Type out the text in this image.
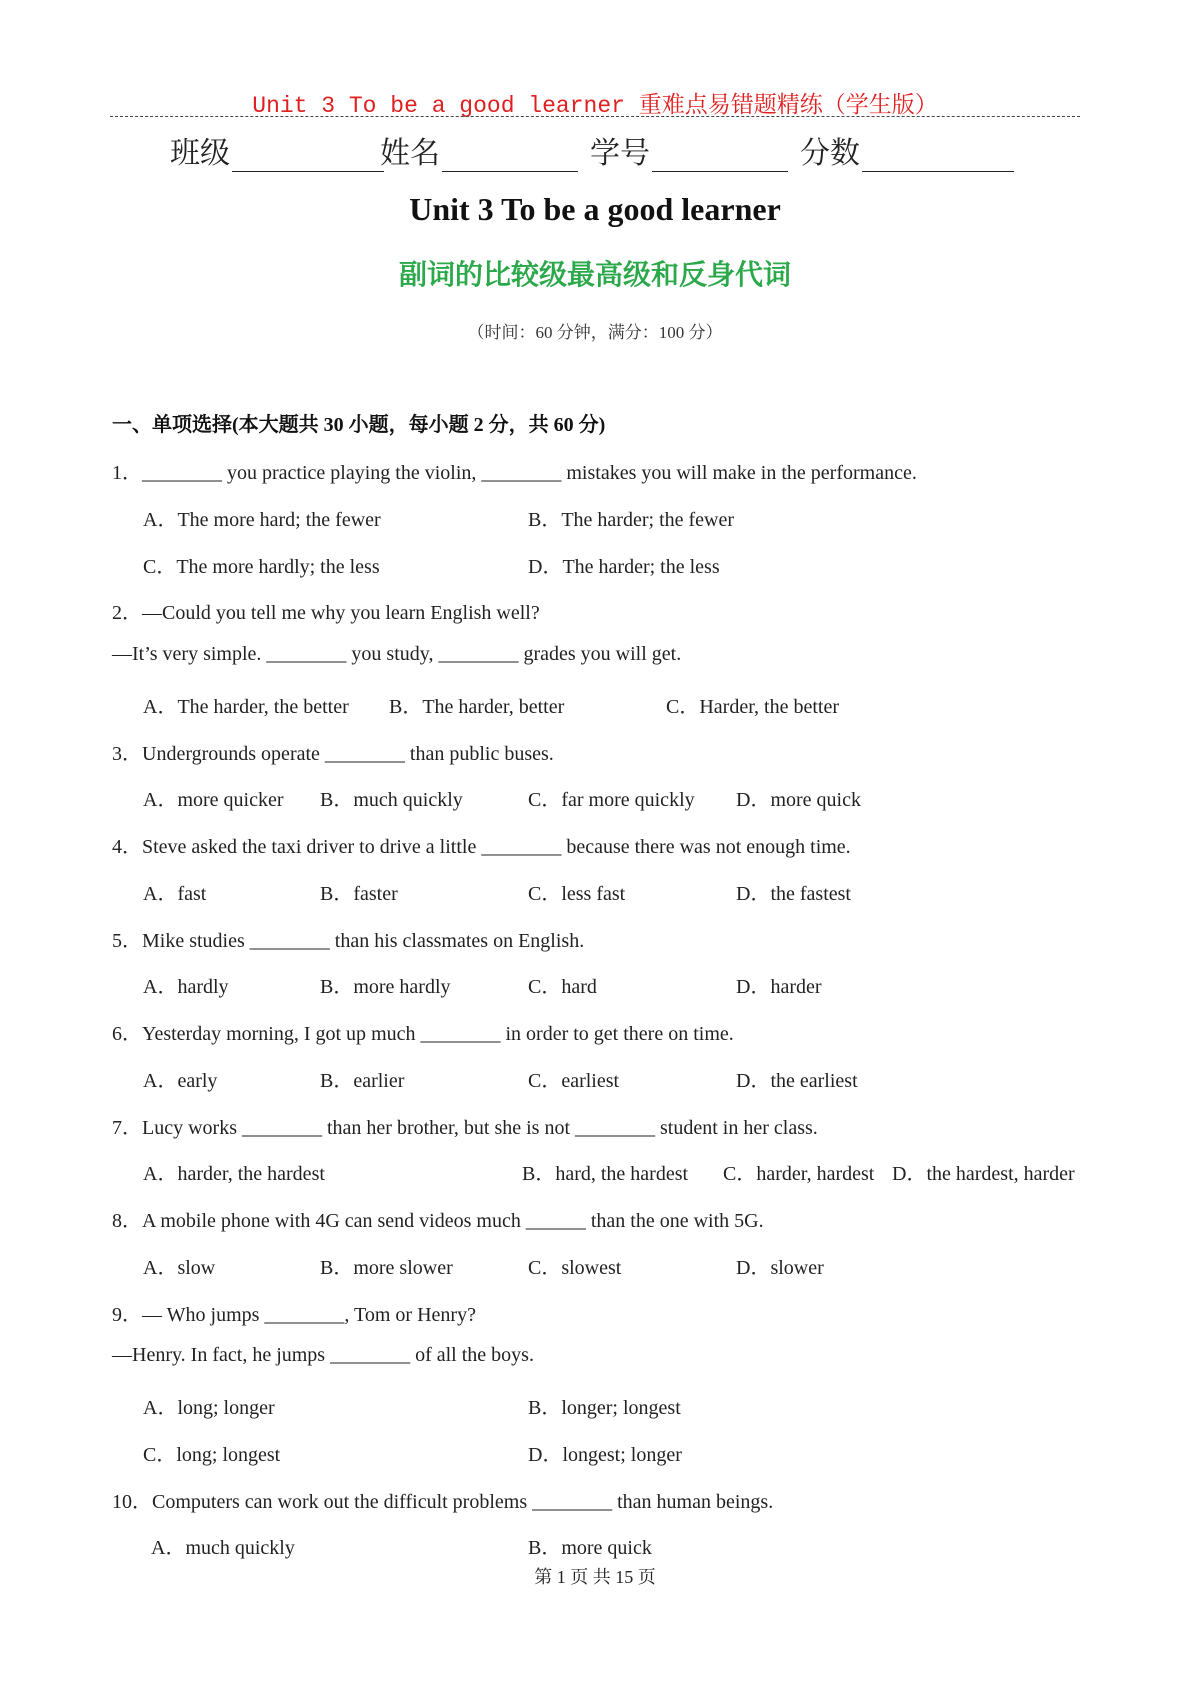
Unit 3 To be a good learner 重难点易错题精练（学生版）
班级	姓名	学号	分数
Unit 3 To be a good learner
副词的比较级最高级和反身代词
（时间：60 分钟，满分：100 分）
一、单项选择(本大题共 30 小题，每小题 2 分，共 60 分)
1．________ you practice playing the violin, ________ mistakes you will make in the performance.
A．The more hard; the fewer	B．The harder; the fewer
C．The more hardly; the less	D．The harder; the less
2．—Could you tell me why you learn English well?
—It’s very simple. ________ you study, ________ grades you will get.
A．The harder, the better B．The harder, better	C．Harder, the better
3．Undergrounds operate ________ than public buses.
A．more quicker B．much quickly	C．far more quickly D．more quick
4．Steve asked the taxi driver to drive a little ________ because there was not enough time.
A．fast	B．faster	C．less fast	D．the fastest
5．Mike studies ________ than his classmates on English.
A．hardly	B．more hardly	C．hard	D．harder
6．Yesterday morning, I got up much ________ in order to get there on time.
A．early	B．earlier	C．earliest	D．the earliest
7．Lucy works ________ than her brother, but she is not ________ student in her class.
A．harder, the hardest	B．hard, the hardest C．harder, hardest D．the hardest, harder
8．A mobile phone with 4G can send videos much ______ than the one with 5G.
A．slow	B．more slower	C．slowest	D．slower
9．— Who jumps ________, Tom or Henry?
—Henry. In fact, he jumps ________ of all the boys.
A．long; longer	B．longer; longest
C．long; longest	D．longest; longer
10．Computers can work out the difficult problems ________ than human beings.
A．much quickly	B．more quick
第 1 页 共 15 页
